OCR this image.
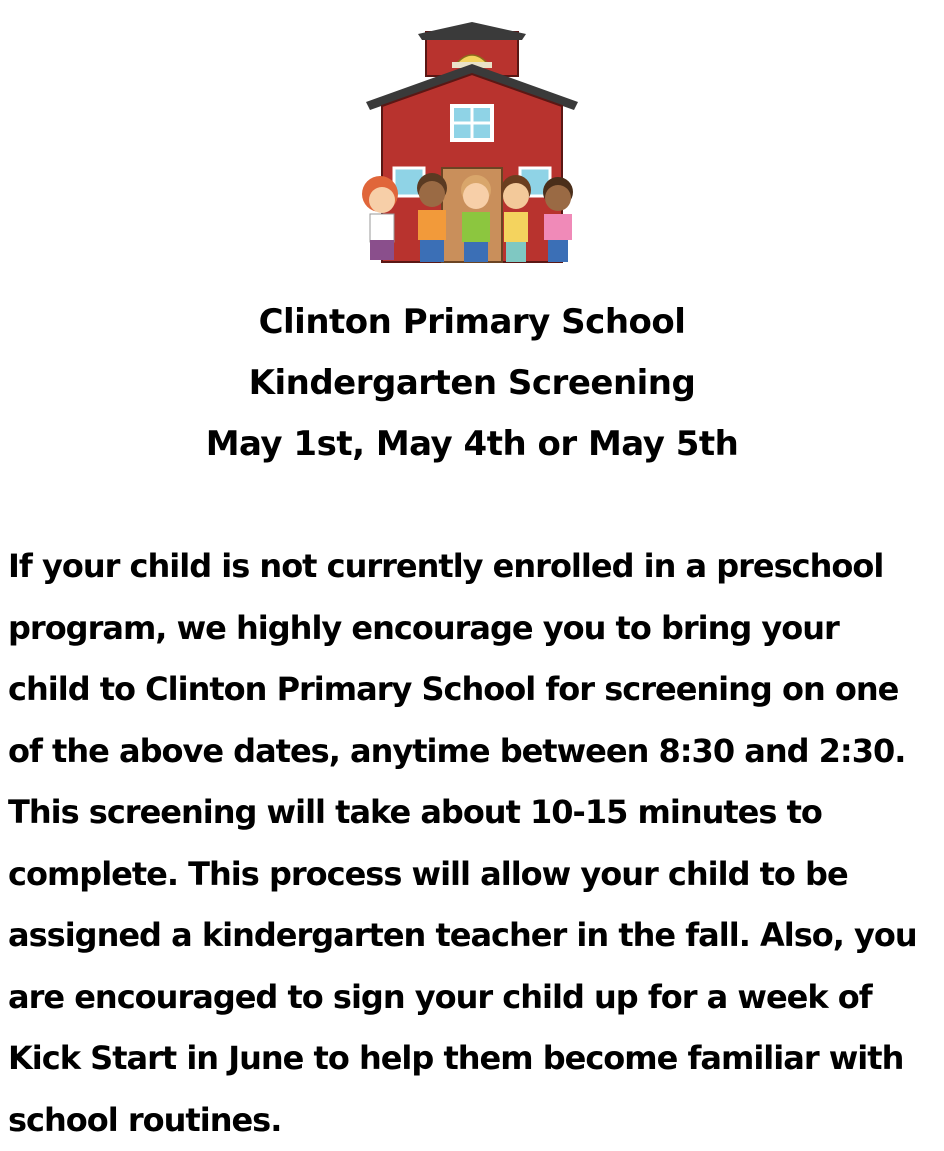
Clinton Primary School
Kindergarten Screening
May 1st, May 4th or May 5th

If your child is not currently enrolled in a preschool program, we highly encourage you to bring your child to Clinton Primary School for screening on one of the above dates, anytime between 8:30 and 2:30. This screening will take about 10-15 minutes to complete. This process will allow your child to be assigned a kindergarten teacher in the fall. Also, you are encouraged to sign your child up for a week of Kick Start in June to help them become familiar with school routines.
